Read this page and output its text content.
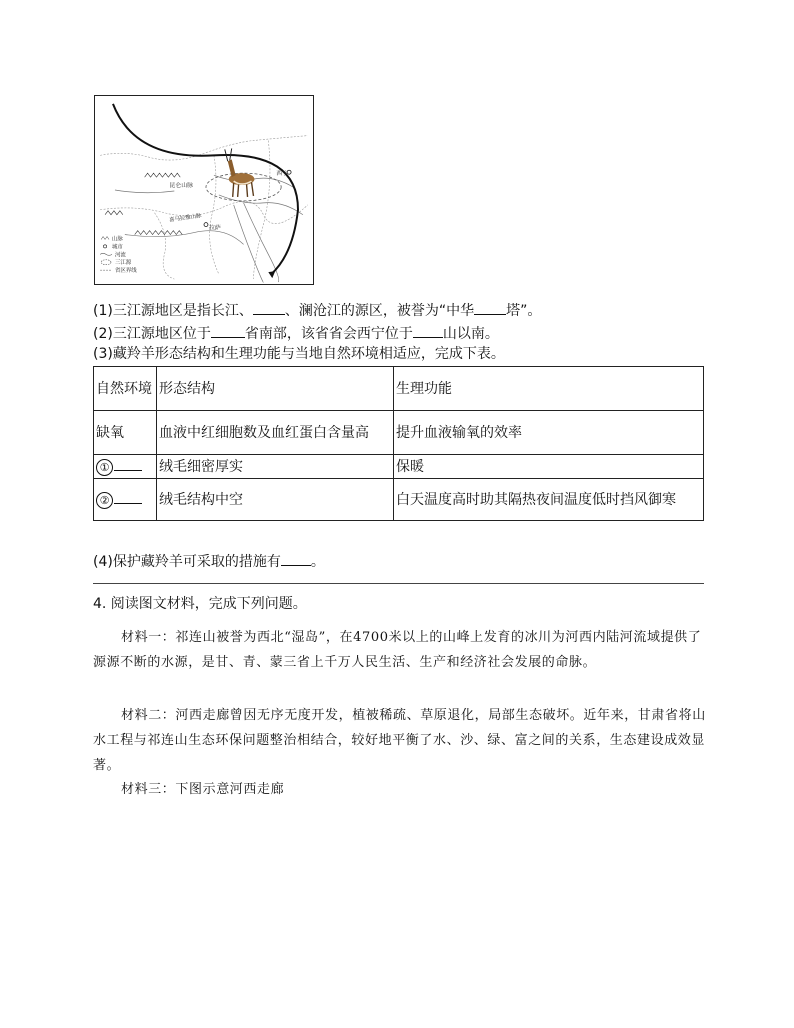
昆仑山脉
西宁
拉萨
喜马拉雅山脉
山脉
城市
河流
三江源
省区界线
(1)三江源地区是指长江、 、澜沧江的源区，被誉为“中华 塔”。
(2)三江源地区位于 省南部，该省省会西宁位于 山以南。
(3)藏羚羊形态结构和生理功能与当地自然环境相适应，完成下表。
自然环境	形态结构	生理功能
缺氧	血液中红细胞数及血红蛋白含量高	提升血液输氧的效率
①	绒毛细密厚实	保暖
②	绒毛结构中空	白天温度高时助其隔热夜间温度低时挡风御寒
(4)保护藏羚羊可采取的措施有 。
4. 阅读图文材料，完成下列问题。

材料一：祁连山被誉为西北“湿岛”，在4700米以上的山峰上发育的冰川为河西内陆河流域提供了源源不断的水源，是甘、青、蒙三省上千万人民生活、生产和经济社会发展的命脉。

材料二：河西走廊曾因无序无度开发，植被稀疏、草原退化，局部生态破坏。近年来，甘肃省将山水工程与祁连山生态环保问题整治相结合，较好地平衡了水、沙、绿、富之间的关系，生态建设成效显著。

材料三：下图示意河西走廊
